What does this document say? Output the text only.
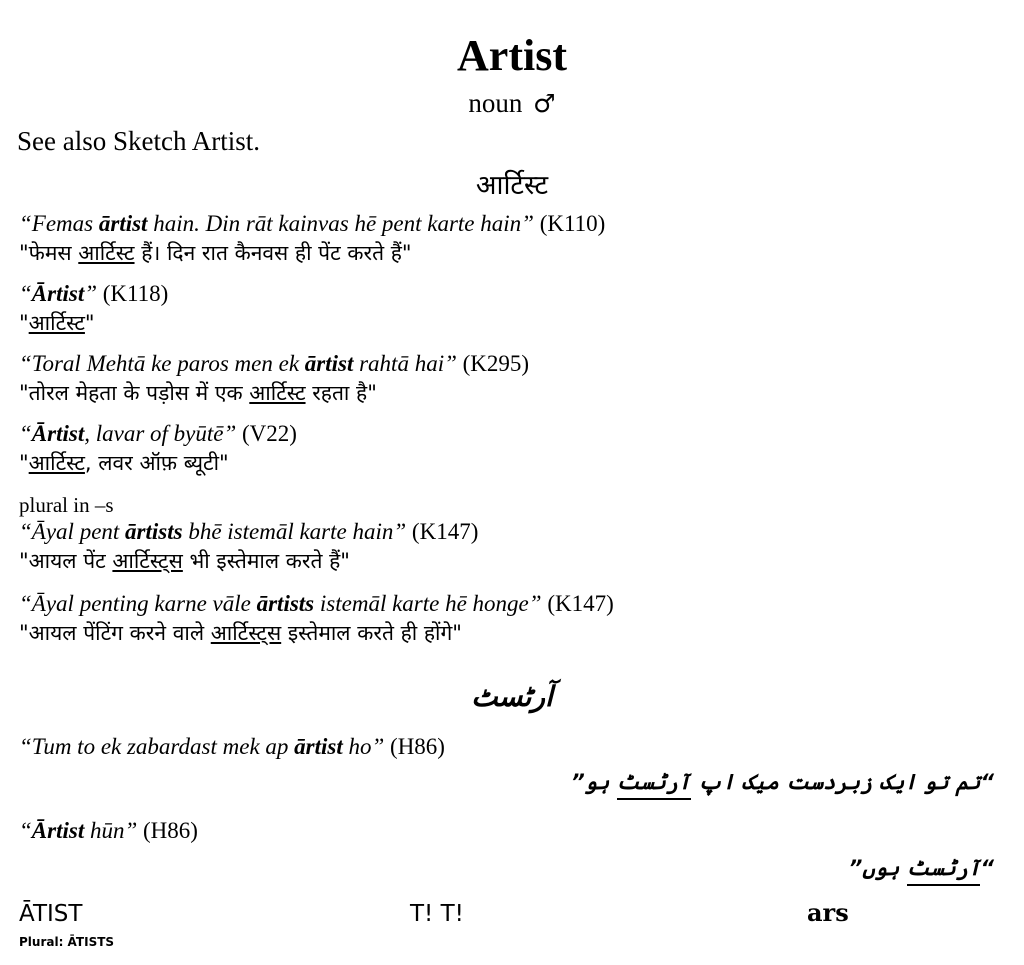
Artist
noun ♂
See also Sketch Artist.
आर्टिस्ट
“Femas ārtist hain. Din rāt kainvas hē pent karte hain” (K110)
"फेमस आर्टिस्ट हैं। दिन रात कैनवस ही पेंट करते हैं"
“Ārtist” (K118)
"आर्टिस्ट"
“Toral Mehtā ke paros men ek ārtist rahtā hai” (K295)
"तोरल मेहता के पड़ोस में एक आर्टिस्ट रहता है"
“Ārtist, lavar of byūtē” (V22)
"आर्टिस्ट, लवर ऑफ़ ब्यूटी"
plural in –s
“Āyal pent ārtists bhē istemāl karte hain” (K147)
"आयल पेंट आर्टिस्ट्स भी इस्तेमाल करते हैं"
“Āyal penting karne vāle ārtists istemāl karte hē honge” (K147)
"आयल पेंटिंग करने वाले आर्टिस्ट्स इस्तेमाल करते ही होंगे"
آرٹسٹ
“Tum to ek zabardast mek ap ārtist ho” (H86)
“تم تو ایک زبردست میک اپ آرٹسٹ ہو”
“Ārtist hūn” (H86)
“آرٹسٹ ہوں”
ĀTIST
Plural: ĀTISTS
T! T!	ars
